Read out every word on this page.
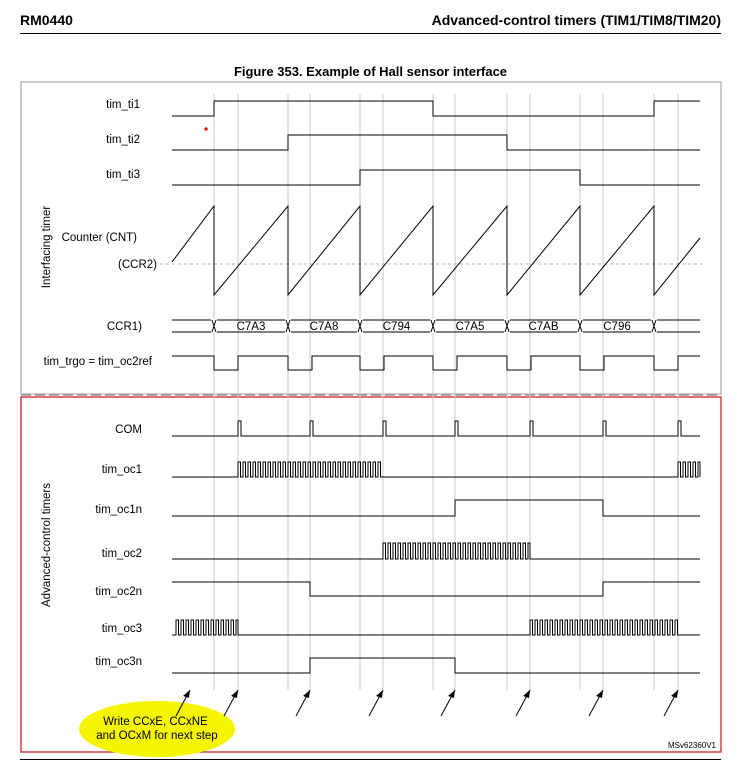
RM0440	Advanced-control timers (TIM1/TIM8/TIM20)
Figure 353. Example of Hall sensor interface
Write CCxE, CCxNE and OCxM for next step
Interfacing timer
Advanced-control timers
tim_ti1
tim_ti2
tim_ti3
Counter (CNT)
(CCR2)
CCR1)
tim_trgo = tim_oc2ref
COM
tim_oc1
tim_oc1n
tim_oc2
tim_oc2n
tim_oc3
tim_oc3n
C7A3	C7A8	C794	C7A5	C7AB	C796
MSv62360V1
